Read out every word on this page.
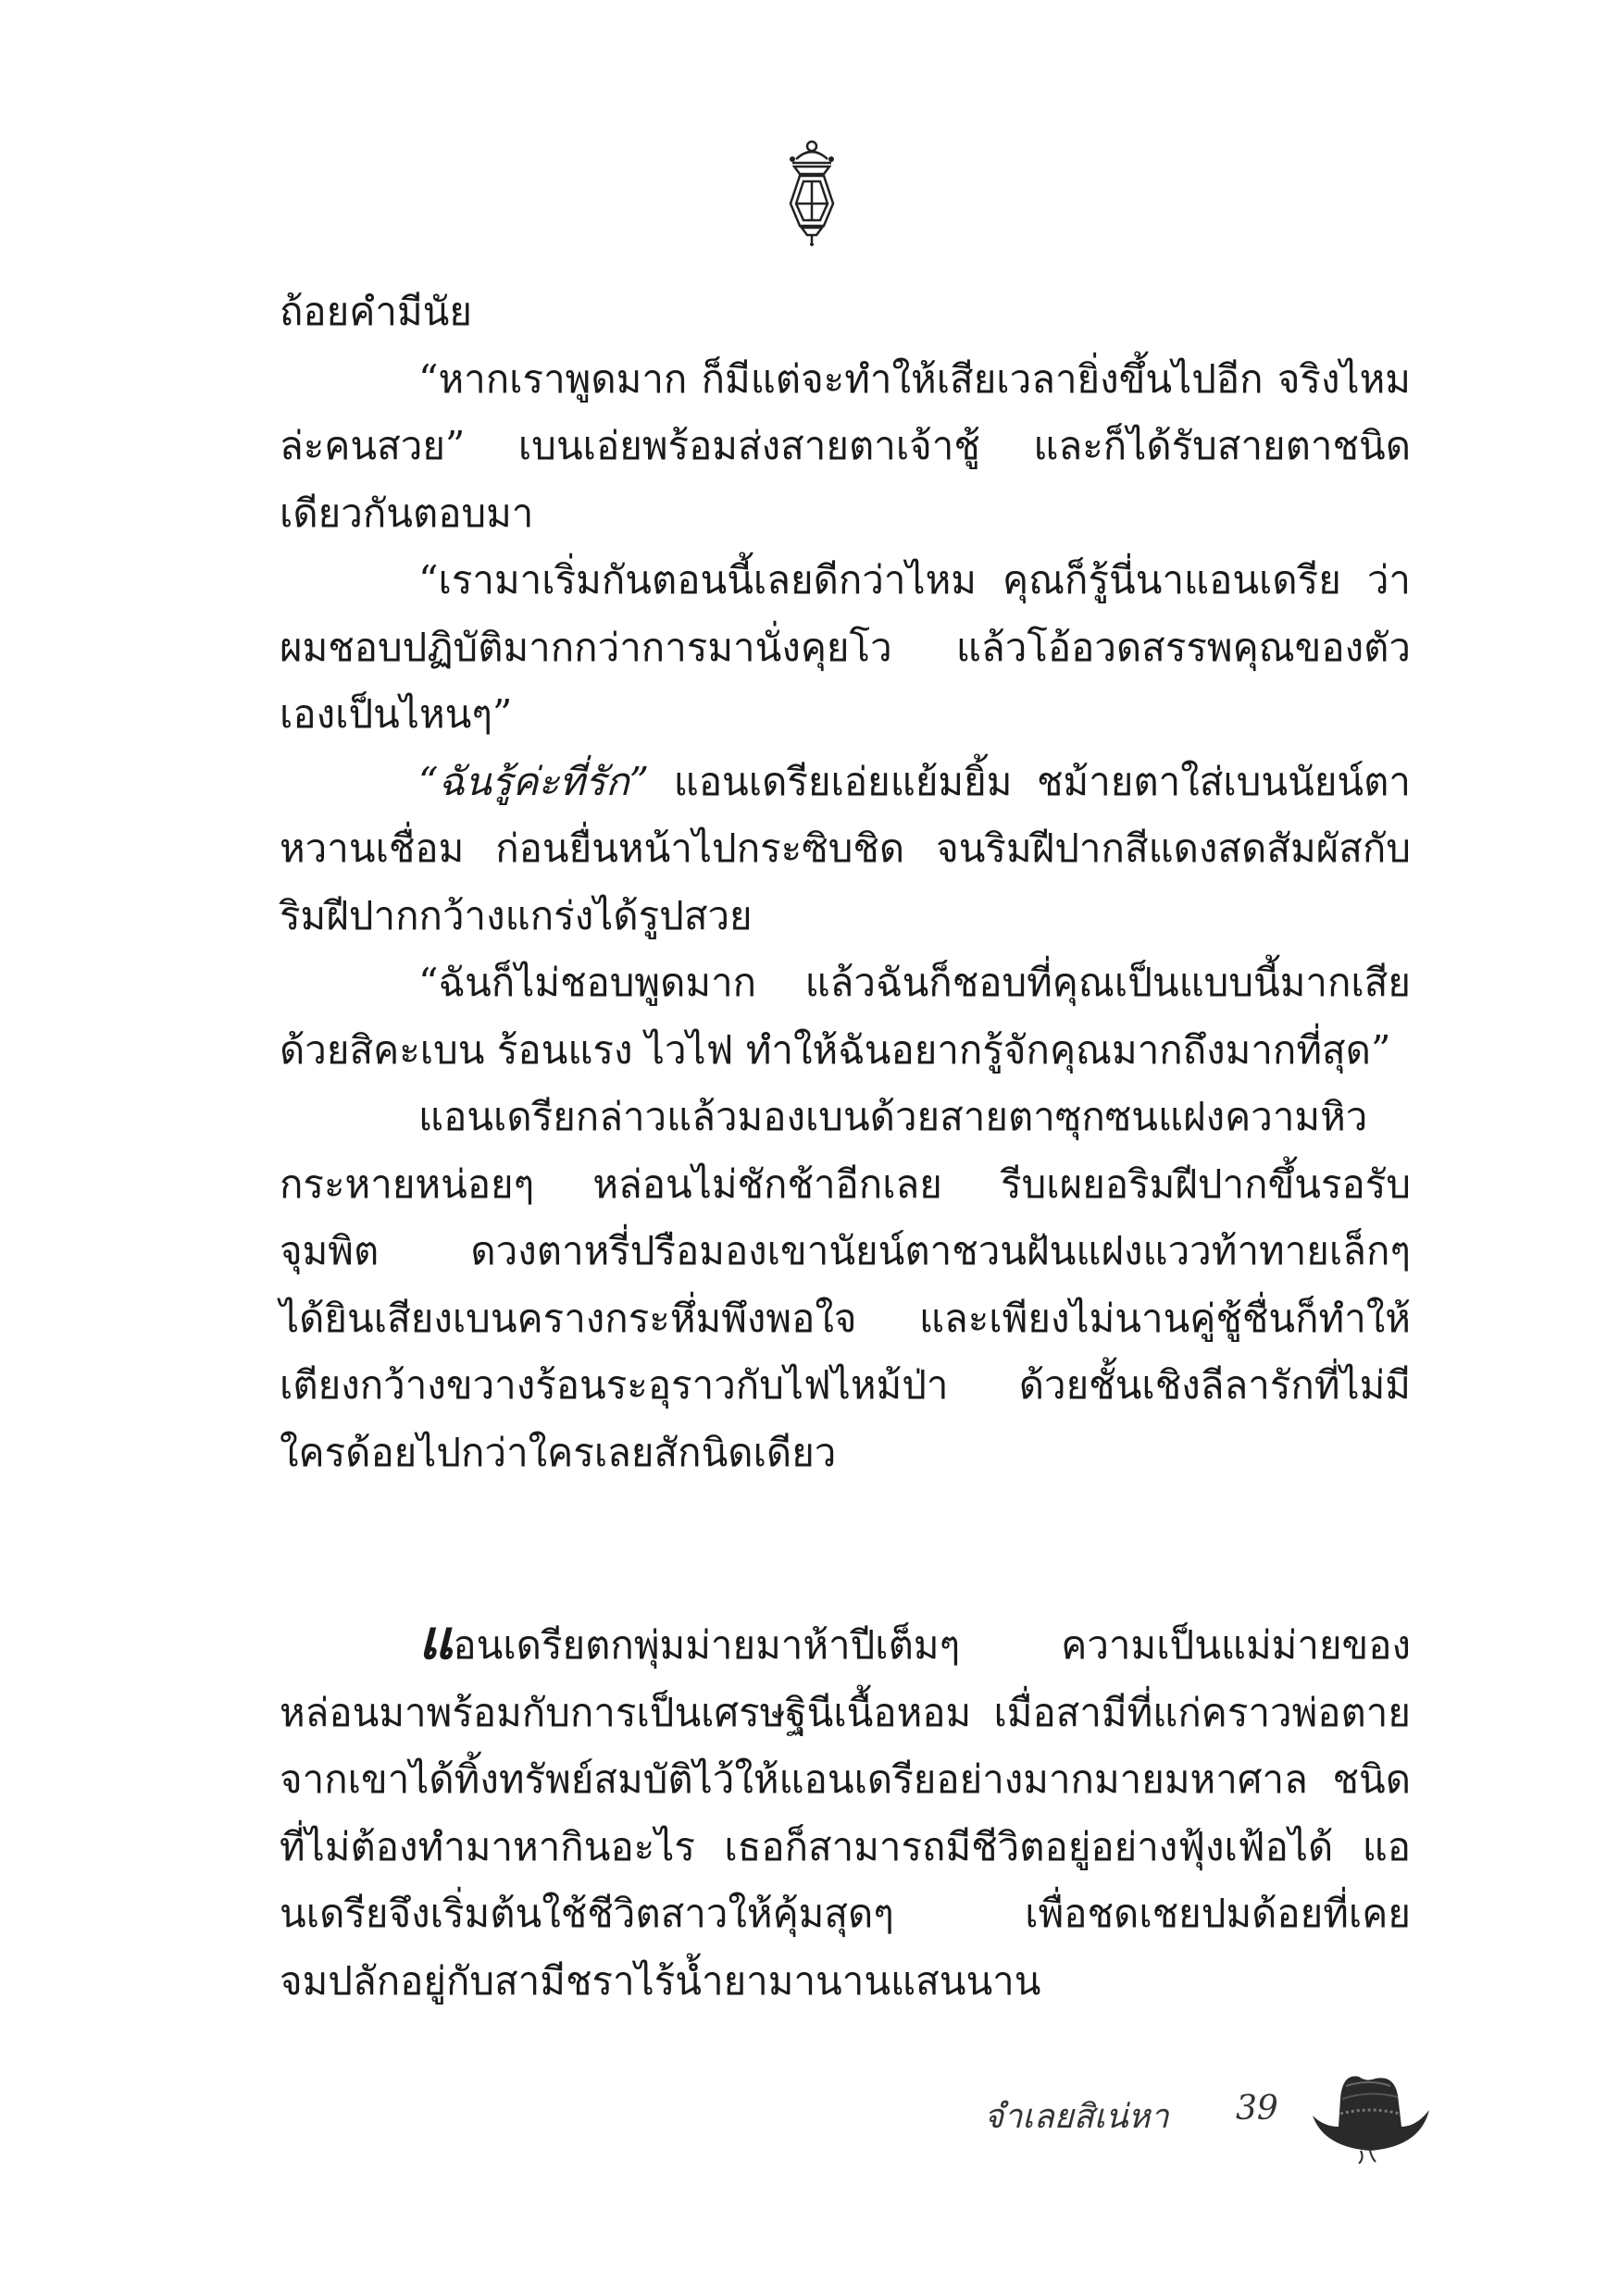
ถ้อยคำมีนัย

“หากเราพูดมาก ก็มีแต่จะทำให้เสียเวลายิ่งขึ้นไปอีก จริงไหมล่ะคนสวย” เบนเอ่ยพร้อมส่งสายตาเจ้าชู้ และก็ได้รับสายตาชนิดเดียวกันตอบมา

“เรามาเริ่มกันตอนนี้เลยดีกว่าไหม คุณก็รู้นี่นาแอนเดรีย ว่าผมชอบปฏิบัติมากกว่าการมานั่งคุยโว แล้วโอ้อวดสรรพคุณของตัวเองเป็นไหนๆ”

“ฉันรู้ค่ะที่รัก” แอนเดรียเอ่ยแย้มยิ้ม ชม้ายตาใส่เบนนัยน์ตาหวานเชื่อม ก่อนยื่นหน้าไปกระซิบชิด จนริมฝีปากสีแดงสดสัมผัสกับริมฝีปากกว้างแกร่งได้รูปสวย

“ฉันก็ไม่ชอบพูดมาก แล้วฉันก็ชอบที่คุณเป็นแบบนี้มากเสียด้วยสิคะเบน ร้อนแรง ไวไฟ ทำให้ฉันอยากรู้จักคุณมากถึงมากที่สุด”

แอนเดรียกล่าวแล้วมองเบนด้วยสายตาซุกซนแฝงความหิวกระหายหน่อยๆ หล่อนไม่ชักช้าอีกเลย รีบเผยอริมฝีปากขึ้นรอรับจุมพิต ดวงตาหรี่ปรือมองเขานัยน์ตาชวนฝันแฝงแววท้าทายเล็กๆ ได้ยินเสียงเบนครางกระหึ่มพึงพอใจ และเพียงไม่นานคู่ชู้ชื่นก็ทำให้เตียงกว้างขวางร้อนระอุราวกับไฟไหม้ป่า ด้วยชั้นเชิงลีลารักที่ไม่มีใครด้อยไปกว่าใครเลยสักนิดเดียว

แอนเดรียตกพุ่มม่ายมาห้าปีเต็มๆ ความเป็นแม่ม่ายของหล่อนมาพร้อมกับการเป็นเศรษฐินีเนื้อหอม เมื่อสามีที่แก่คราวพ่อตายจากเขาได้ทิ้งทรัพย์สมบัติไว้ให้แอนเดรียอย่างมากมายมหาศาล ชนิดที่ไม่ต้องทำมาหากินอะไร เธอก็สามารถมีชีวิตอยู่อย่างฟุ้งเฟ้อได้ แอนเดรียจึงเริ่มต้นใช้ชีวิตสาวให้คุ้มสุดๆ เพื่อชดเชยปมด้อยที่เคยจมปลักอยู่กับสามีชราไร้น้ำยามานานแสนนาน

จำเลยสิเน่หา 39
